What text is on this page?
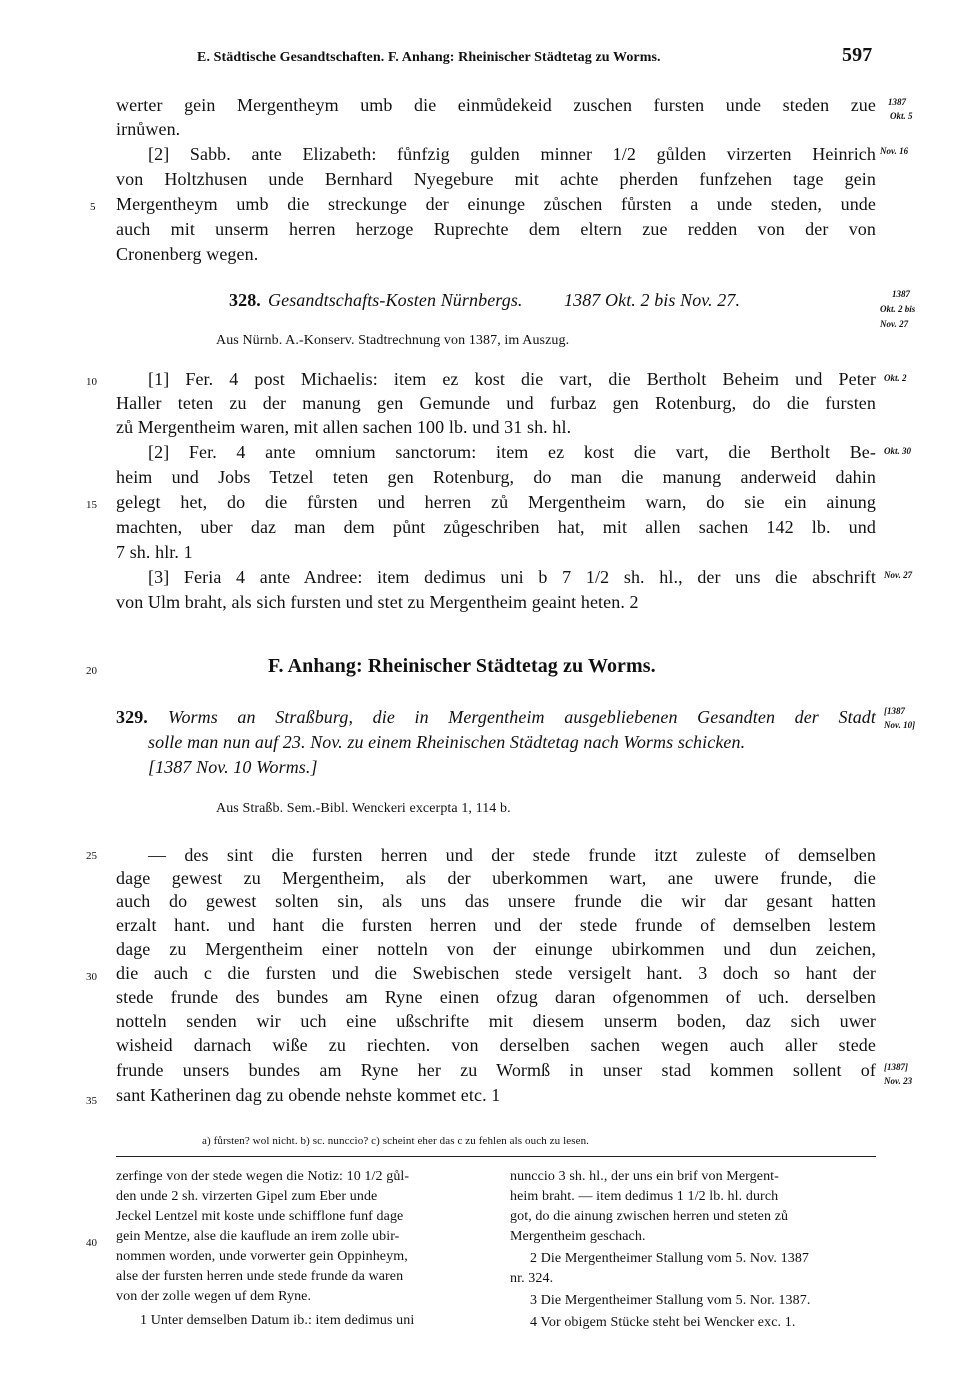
E. Städtische Gesandtschaften. F. Anhang: Rheinischer Städtetag zu Worms.	597
werter gein Mergentheym umb die einmůdekeid zuschen fursten unde steden zue
irnůwen.
[2] Sabb. ante Elizabeth: fůnfzig gulden minner 1/2 gůlden virzerten Heinrich
von Holtzhusen unde Bernhard Nyegebure mit achte pherden funfzehen tage gein
Mergentheym umb die streckunge der einunge zůschen fůrsten a unde steden, unde
auch mit unserm herren herzoge Ruprechte dem eltern zue redden von der von
Cronenberg wegen.
328. Gesandtschafts-Kosten Nürnbergs. 1387 Okt. 2 bis Nov. 27.
Aus Nürnb. A.-Konserv. Stadtrechnung von 1387, im Auszug.
[1] Fer. 4 post Michaelis: item ez kost die vart, die Bertholt Beheim und Peter
Haller teten zu der manung gen Gemunde und furbaz gen Rotenburg, do die fursten
zů Mergentheim waren, mit allen sachen 100 lb. und 31 sh. hl.
[2] Fer. 4 ante omnium sanctorum: item ez kost die vart, die Bertholt Be-
heim und Jobs Tetzel teten gen Rotenburg, do man die manung anderweid dahin
gelegt het, do die fůrsten und herren zů Mergentheim warn, do sie ein ainung
machten, uber daz man dem půnt zůgeschriben hat, mit allen sachen 142 lb. und
7 sh. hlr. 1
[3] Feria 4 ante Andree: item dedimus uni b 7 1/2 sh. hl., der uns die abschrift
von Ulm braht, als sich fursten und stet zu Mergentheim geaint heten. 2
F. Anhang: Rheinischer Städtetag zu Worms.
329. Worms an Straßburg, die in Mergentheim ausgebliebenen Gesandten der Stadt
solle man nun auf 23. Nov. zu einem Rheinischen Städtetag nach Worms schicken.
[1387 Nov. 10 Worms.]
Aus Straßb. Sem.-Bibl. Wenckeri excerpta 1, 114 b.
— des sint die fursten herren und der stede frunde itzt zuleste of demselben
dage gewest zu Mergentheim, als der uberkommen wart, ane uwere frunde, die
auch do gewest solten sin, als uns das unsere frunde die wir dar gesant hatten
erzalt hant. und hant die fursten herren und der stede frunde of demselben lestem
dage zu Mergentheim einer notteln von der einunge ubirkommen und dun zeichen,
die auch c die fursten und die Swebischen stede versigelt hant. 3 doch so hant der
stede frunde des bundes am Ryne einen ofzug daran ofgenommen of uch. derselben
notteln senden wir uch eine ußschrifte mit diesem unserm boden, daz sich uwer
wisheid darnach wiße zu riechten. von derselben sachen wegen auch aller stede
frunde unsers bundes am Ryne her zu Wormß in unser stad kommen sollent of
sant Katherinen dag zu obende nehste kommet etc. 1
a) fůrsten? wol nicht. b) sc. nunccio? c) scheint eher das c zu fehlen als ouch zu lesen.
zerfinge von der stede wegen die Notiz: 10 1/2 gůl-
den unde 2 sh. virzerten Gipel zum Eber unde
Jeckel Lentzel mit koste unde schifflone funf dage
gein Mentze, alse die kauflude an irem zolle ubir-
nommen worden, unde vorwerter gein Oppinheym,
alse der fursten herren unde stede frunde da waren
von der zolle wegen uf dem Ryne.
1 Unter demselben Datum ib.: item dedimus uni
nunccio 3 sh. hl., der uns ein brif von Mergent-
heim braht. — item dedimus 1 1/2 lb. hl. durch
got, do die ainung zwischen herren und steten zů
Mergentheim geschach.
2 Die Mergentheimer Stallung vom 5. Nov. 1387
nr. 324.
3 Die Mergentheimer Stallung vom 5. Nor. 1387.
4 Vor obigem Stücke steht bei Wencker exc. 1.
5
10
15
20
25
30
35
40
1387
Okt. 5
Nov. 16
1387
Okt. 2 bis
Nov. 27
Okt. 2
Okt. 30
Nov. 27
[1387
Nov. 10]
[1387]
Nov. 23
